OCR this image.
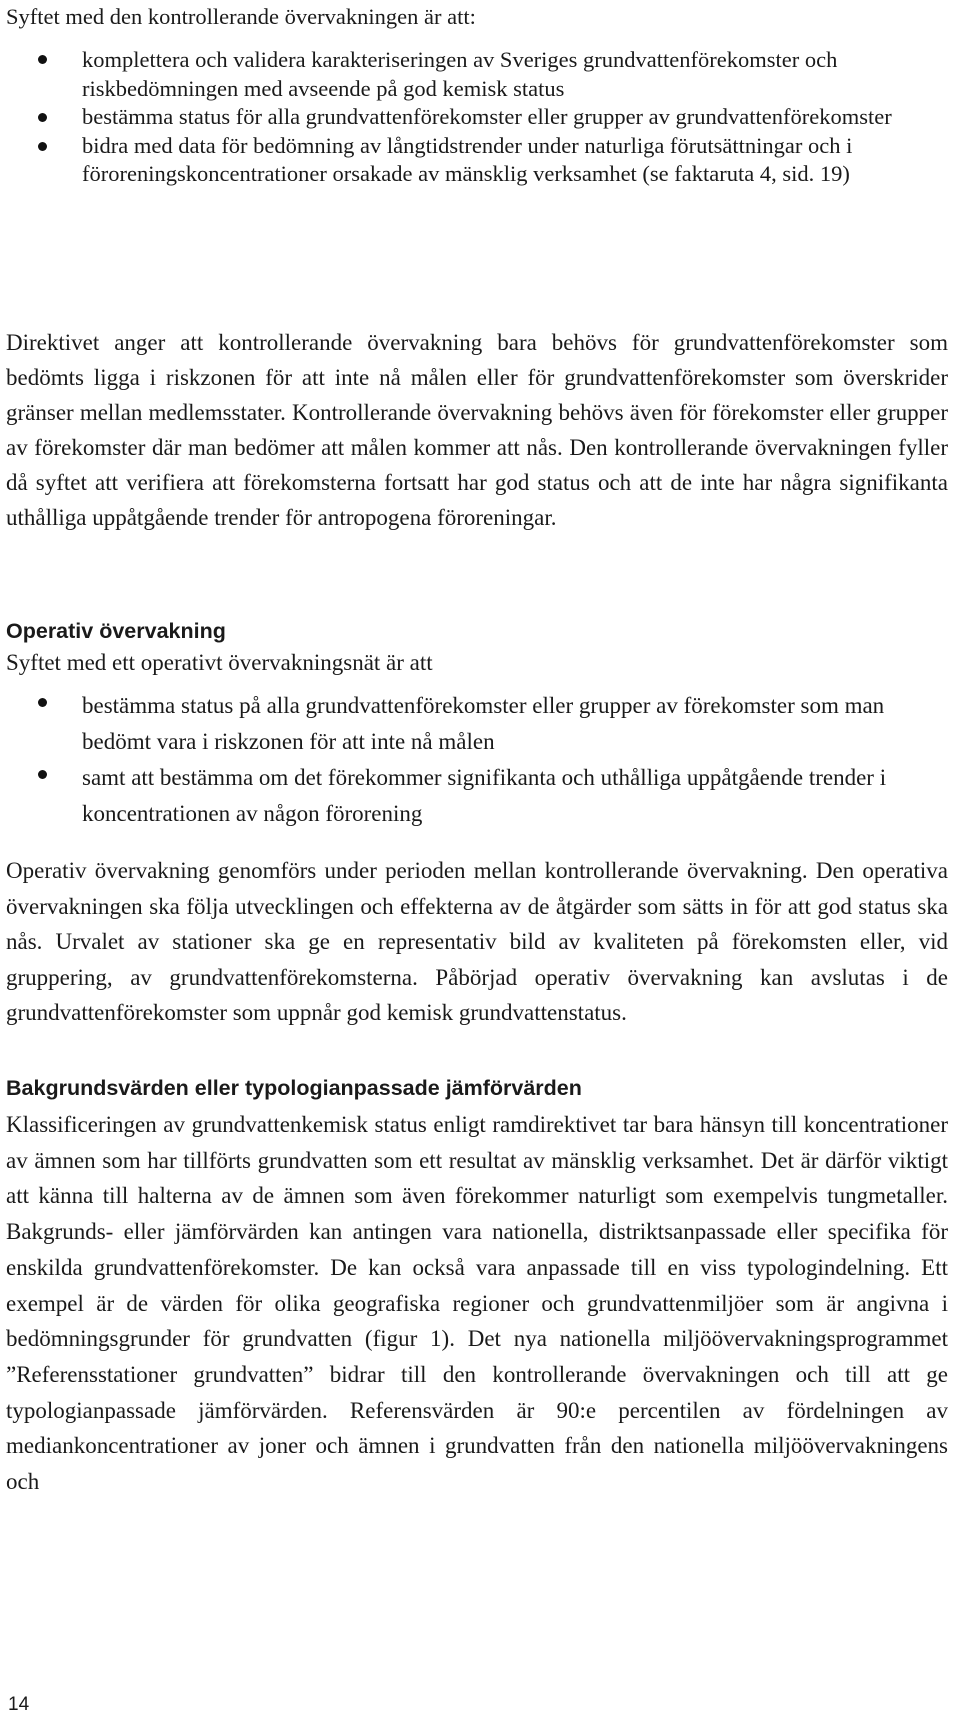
Syftet med den kontrollerande övervakningen är att:
komplettera och validera karakteriseringen av Sveriges grundvattenförekomster och riskbedömningen med avseende på god kemisk status
bestämma status för alla grundvattenförekomster eller grupper av grundvattenförekomster
bidra med data för bedömning av långtidstrender under naturliga förutsättningar och i föroreningskoncentrationer orsakade av mänsklig verksamhet (se faktaruta 4, sid. 19)

Direktivet anger att kontrollerande övervakning bara behövs för grundvattenförekomster som bedömts ligga i riskzonen för att inte nå målen eller för grundvattenförekomster som överskrider gränser mellan medlemsstater. Kontrollerande övervakning behövs även för förekomster eller grupper av förekomster där man bedömer att målen kommer att nås. Den kontrollerande övervakningen fyller då syftet att verifiera att förekomsterna fortsatt har god status och att de inte har några signifikanta uthålliga uppåtgående trender för antropogena föroreningar.

Operativ övervakning

Syftet med ett operativt övervakningsnät är att

bestämma status på alla grundvattenförekomster eller grupper av förekomster som man bedömt vara i riskzonen för att inte nå målen
samt att bestämma om det förekommer signifikanta och uthålliga uppåtgående trender i koncentrationen av någon förorening

Operativ övervakning genomförs under perioden mellan kontrollerande övervakning. Den operativa övervakningen ska följa utvecklingen och effekterna av de åtgärder som sätts in för att god status ska nås. Urvalet av stationer ska ge en representativ bild av kvaliteten på förekomsten eller, vid gruppering, av grundvattenförekomsterna. Påbörjad operativ övervakning kan avslutas i de grundvattenförekomster som uppnår god kemisk grundvattenstatus.

Bakgrundsvärden eller typologianpassade jämförvärden

Klassificeringen av grundvattenkemisk status enligt ramdirektivet tar bara hänsyn till koncentrationer av ämnen som har tillförts grundvatten som ett resultat av mänsklig verksamhet. Det är därför viktigt att känna till halterna av de ämnen som även förekommer naturligt som exempelvis tungmetaller. Bakgrunds- eller jämförvärden kan antingen vara nationella, distriktsanpassade eller specifika för enskilda grundvattenförekomster. De kan också vara anpassade till en viss typologindelning. Ett exempel är de värden för olika geografiska regioner och grundvattenmiljöer som är angivna i bedömningsgrunder för grundvatten (figur 1). Det nya nationella miljöövervakningsprogrammet ”Referensstationer grundvatten” bidrar till den kontrollerande övervakningen och till att ge typologianpassade jämförvärden. Referensvärden är 90:e percentilen av fördelningen av mediankoncentrationer av joner och ämnen i grundvatten från den nationella miljöövervakningens och

14
